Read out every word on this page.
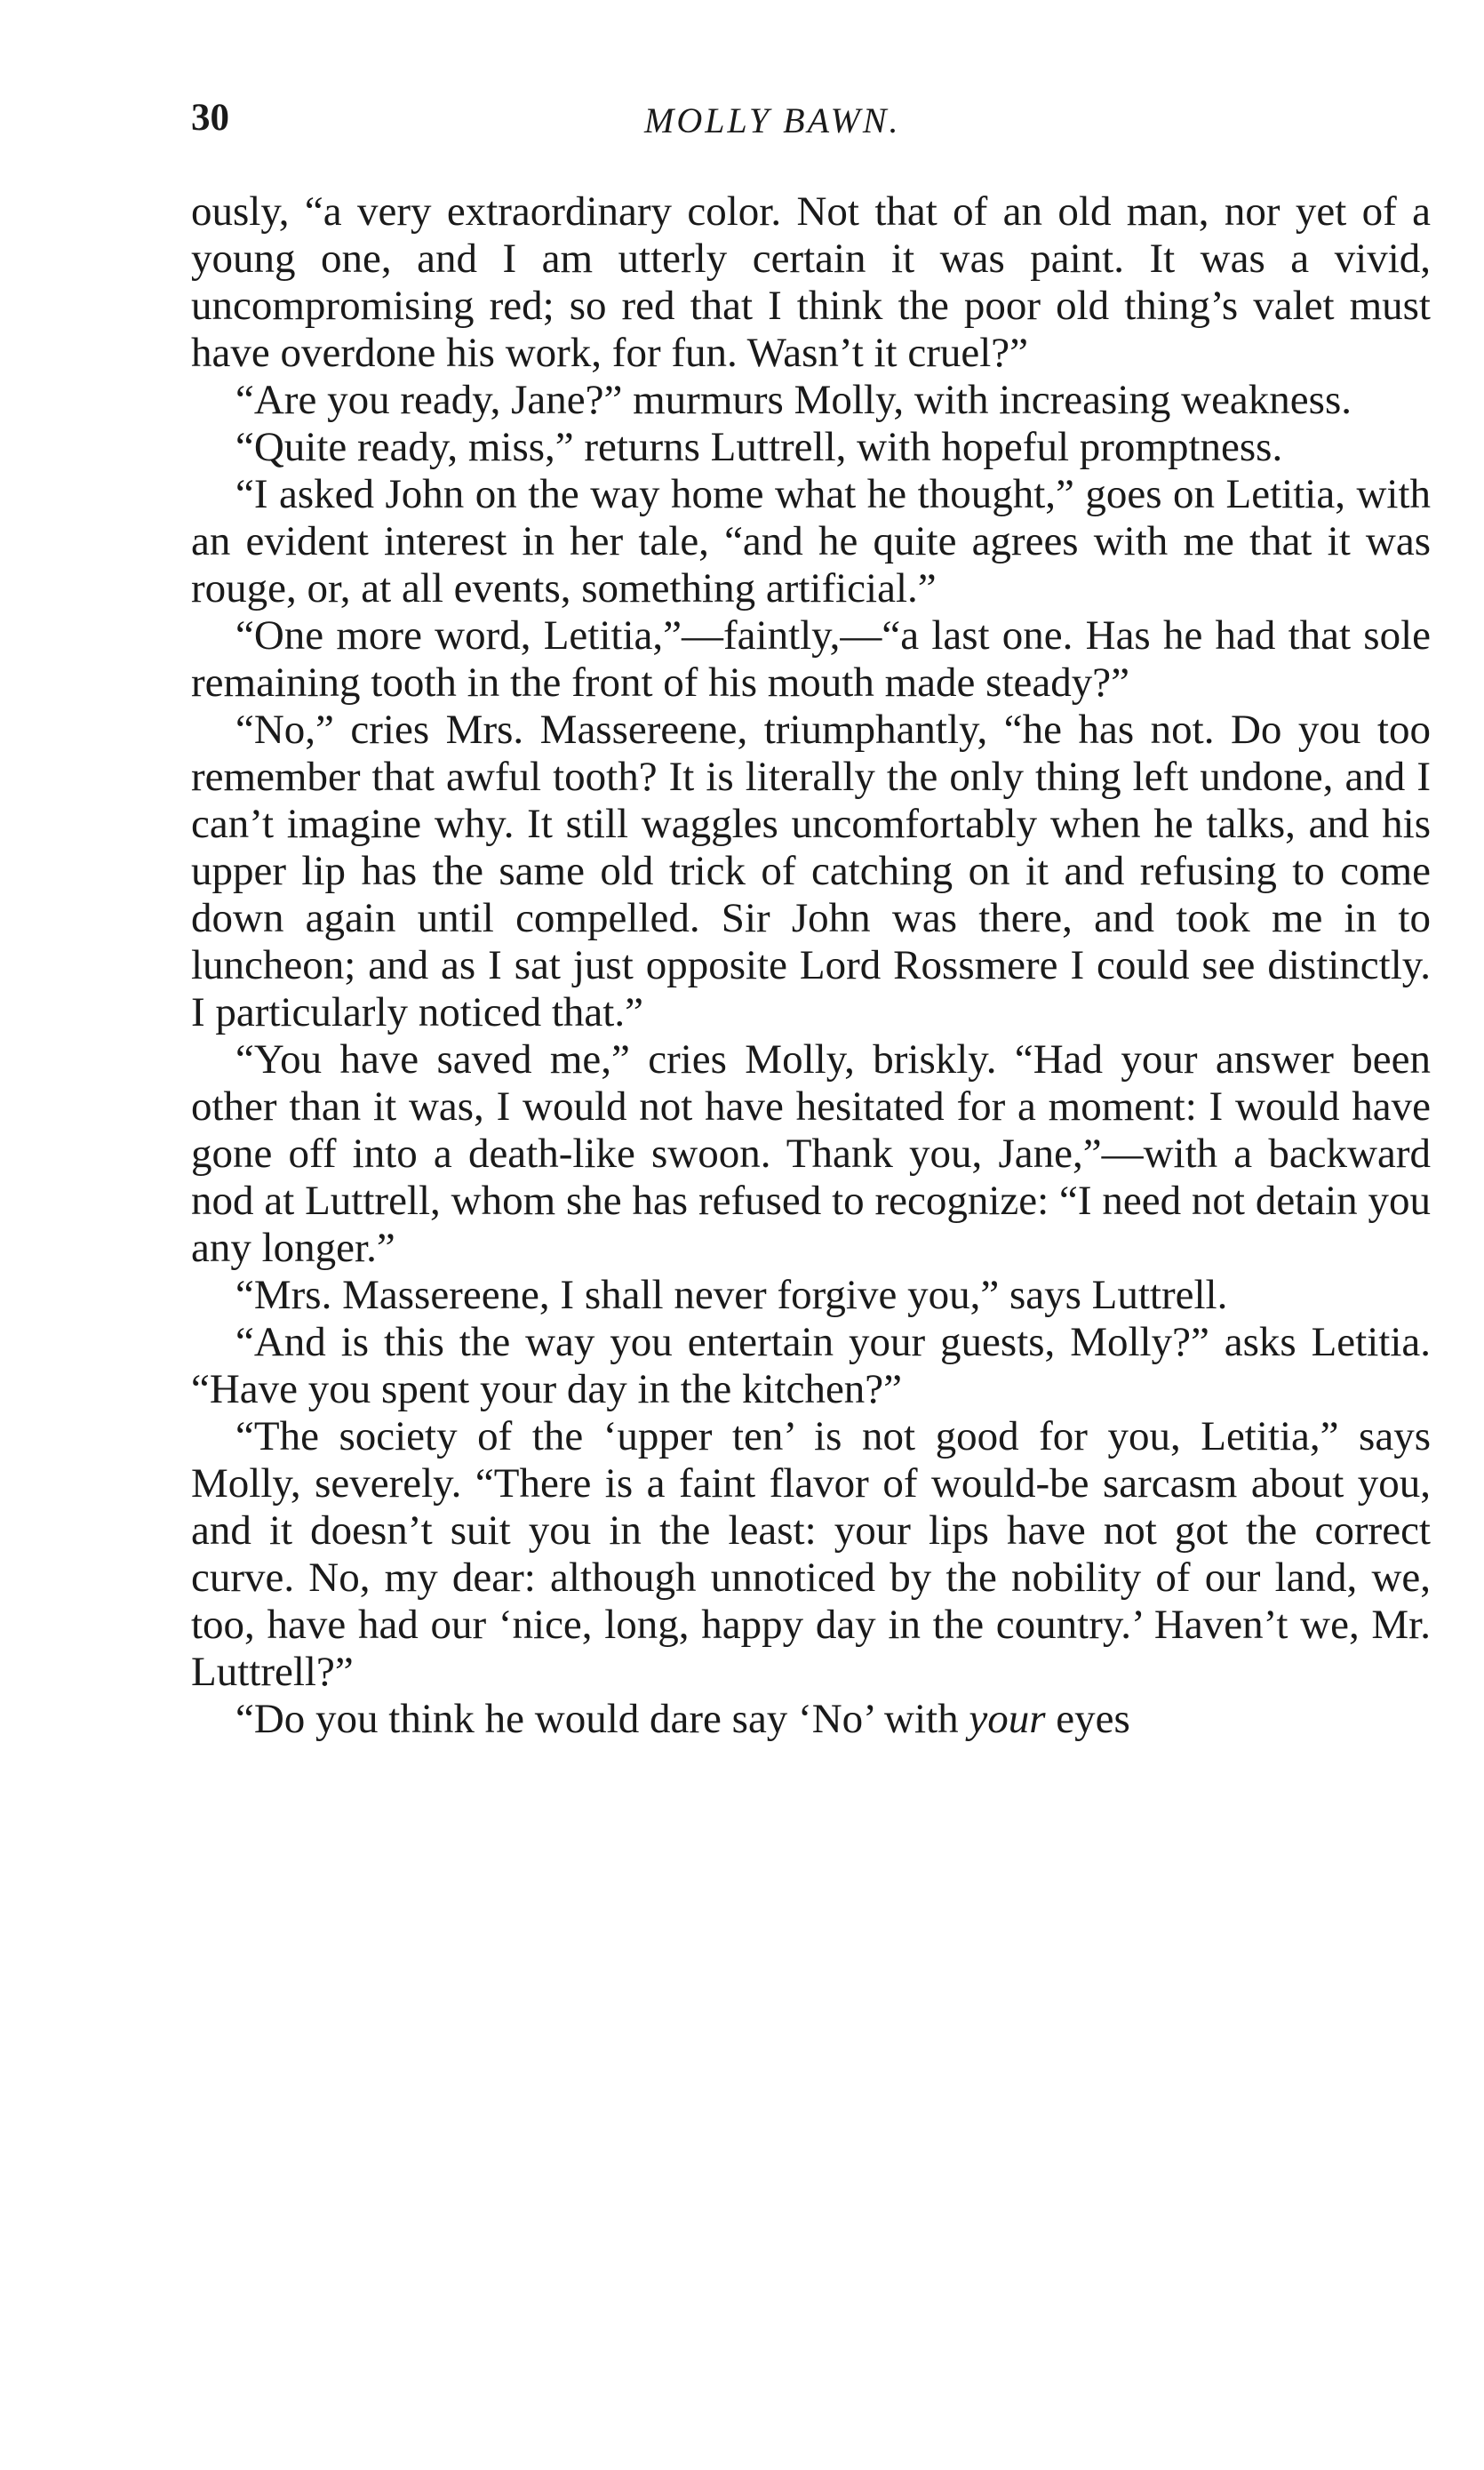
30	MOLLY BAWN.

ously, “a very extraordinary color. Not that of an old man, nor yet of a young one, and I am utterly certain it was paint. It was a vivid, uncompromising red; so red that I think the poor old thing’s valet must have overdone his work, for fun. Wasn’t it cruel?”

“Are you ready, Jane?” murmurs Molly, with increasing weakness.

“Quite ready, miss,” returns Luttrell, with hopeful promptness.

“I asked John on the way home what he thought,” goes on Letitia, with an evident interest in her tale, “and he quite agrees with me that it was rouge, or, at all events, something artificial.”

“One more word, Letitia,”—faintly,—“a last one. Has he had that sole remaining tooth in the front of his mouth made steady?”

“No,” cries Mrs. Massereene, triumphantly, “he has not. Do you too remember that awful tooth? It is literally the only thing left undone, and I can’t imagine why. It still waggles uncomfortably when he talks, and his upper lip has the same old trick of catching on it and refusing to come down again until compelled. Sir John was there, and took me in to luncheon; and as I sat just opposite Lord Rossmere I could see distinctly. I particularly noticed that.”

“You have saved me,” cries Molly, briskly. “Had your answer been other than it was, I would not have hesitated for a moment: I would have gone off into a death-like swoon. Thank you, Jane,”—with a backward nod at Luttrell, whom she has refused to recognize: “I need not detain you any longer.”

“Mrs. Massereene, I shall never forgive you,” says Luttrell.

“And is this the way you entertain your guests, Molly?” asks Letitia. “Have you spent your day in the kitchen?”

“The society of the ‘upper ten’ is not good for you, Letitia,” says Molly, severely. “There is a faint flavor of would-be sarcasm about you, and it doesn’t suit you in the least: your lips have not got the correct curve. No, my dear: although unnoticed by the nobility of our land, we, too, have had our ‘nice, long, happy day in the country.’ Haven’t we, Mr. Luttrell?”

“Do you think he would dare say ‘No’ with your eyes
